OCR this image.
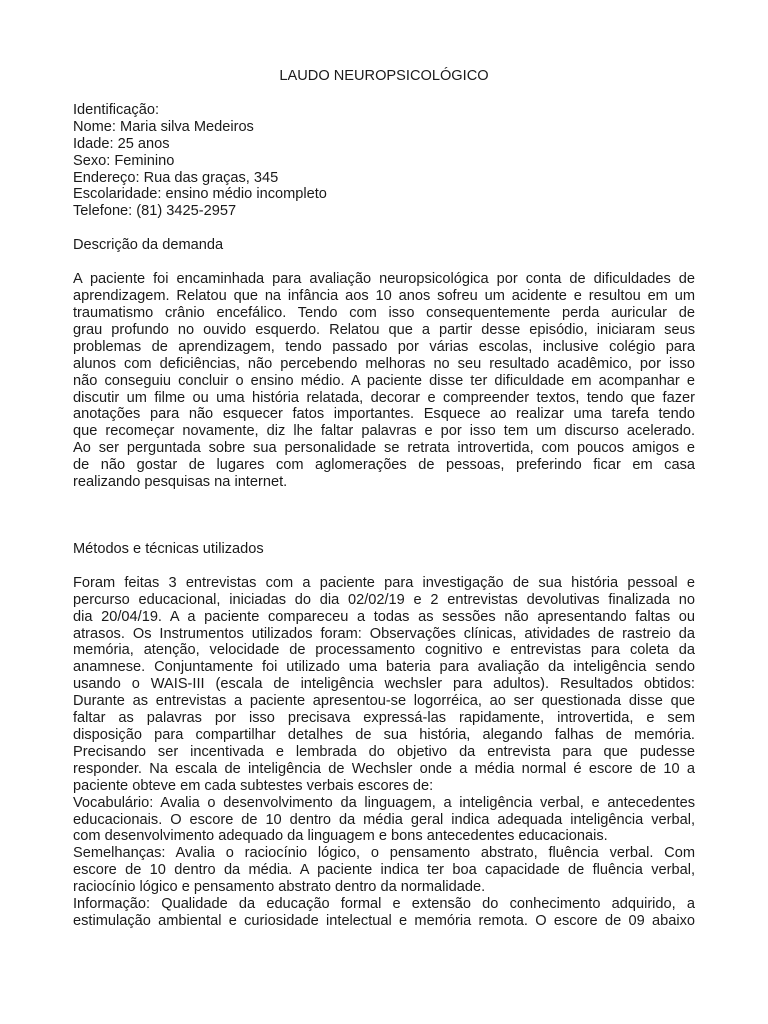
LAUDO NEUROPSICOLÓGICO
Identificação:
Nome: Maria silva Medeiros
Idade: 25 anos
Sexo: Feminino
Endereço: Rua das graças, 345
Escolaridade: ensino médio incompleto
Telefone: (81) 3425-2957
Descrição da demanda

A paciente foi encaminhada para avaliação neuropsicológica por conta de dificuldades de
aprendizagem. Relatou que na infância aos 10 anos sofreu um acidente e resultou em um
traumatismo crânio encefálico. Tendo com isso consequentemente perda auricular de
grau profundo no ouvido esquerdo. Relatou que a partir desse episódio, iniciaram seus
problemas de aprendizagem, tendo passado por várias escolas, inclusive colégio para
alunos com deficiências, não percebendo melhoras no seu resultado acadêmico, por isso
não conseguiu concluir o ensino médio. A paciente disse ter dificuldade em acompanhar e
discutir um filme ou uma história relatada, decorar e compreender textos, tendo que fazer
anotações para não esquecer fatos importantes. Esquece ao realizar uma tarefa tendo
que recomeçar novamente, diz lhe faltar palavras e por isso tem um discurso acelerado.
Ao ser perguntada sobre sua personalidade se retrata introvertida, com poucos amigos e
de não gostar de lugares com aglomerações de pessoas, preferindo ficar em casa
realizando pesquisas na internet.

Métodos e técnicas utilizados

Foram feitas 3 entrevistas com a paciente para investigação de sua história pessoal e
percurso educacional, iniciadas do dia 02/02/19 e 2 entrevistas devolutivas finalizada no
dia 20/04/19. A a paciente compareceu a todas as sessões não apresentando faltas ou
atrasos. Os Instrumentos utilizados foram: Observações clínicas, atividades de rastreio da
memória, atenção, velocidade de processamento cognitivo e entrevistas para coleta da
anamnese. Conjuntamente foi utilizado uma bateria para avaliação da inteligência sendo
usando o WAIS-III (escala de inteligência wechsler para adultos). Resultados obtidos:
Durante as entrevistas a paciente apresentou-se logorréica, ao ser questionada disse que
faltar as palavras por isso precisava expressá-las rapidamente, introvertida, e sem
disposição para compartilhar detalhes de sua história, alegando falhas de memória.
Precisando ser incentivada e lembrada do objetivo da entrevista para que pudesse
responder. Na escala de inteligência de Wechsler onde a média normal é escore de 10 a
paciente obteve em cada subtestes verbais escores de:
Vocabulário: Avalia o desenvolvimento da linguagem, a inteligência verbal, e antecedentes
educacionais. O escore de 10 dentro da média geral indica adequada inteligência verbal,
com desenvolvimento adequado da linguagem e bons antecedentes educacionais.
Semelhanças: Avalia o raciocínio lógico, o pensamento abstrato, fluência verbal. Com
escore de 10 dentro da média. A paciente indica ter boa capacidade de fluência verbal,
raciocínio lógico e pensamento abstrato dentro da normalidade.
Informação: Qualidade da educação formal e extensão do conhecimento adquirido, a
estimulação ambiental e curiosidade intelectual e memória remota. O escore de 09 abaixo
